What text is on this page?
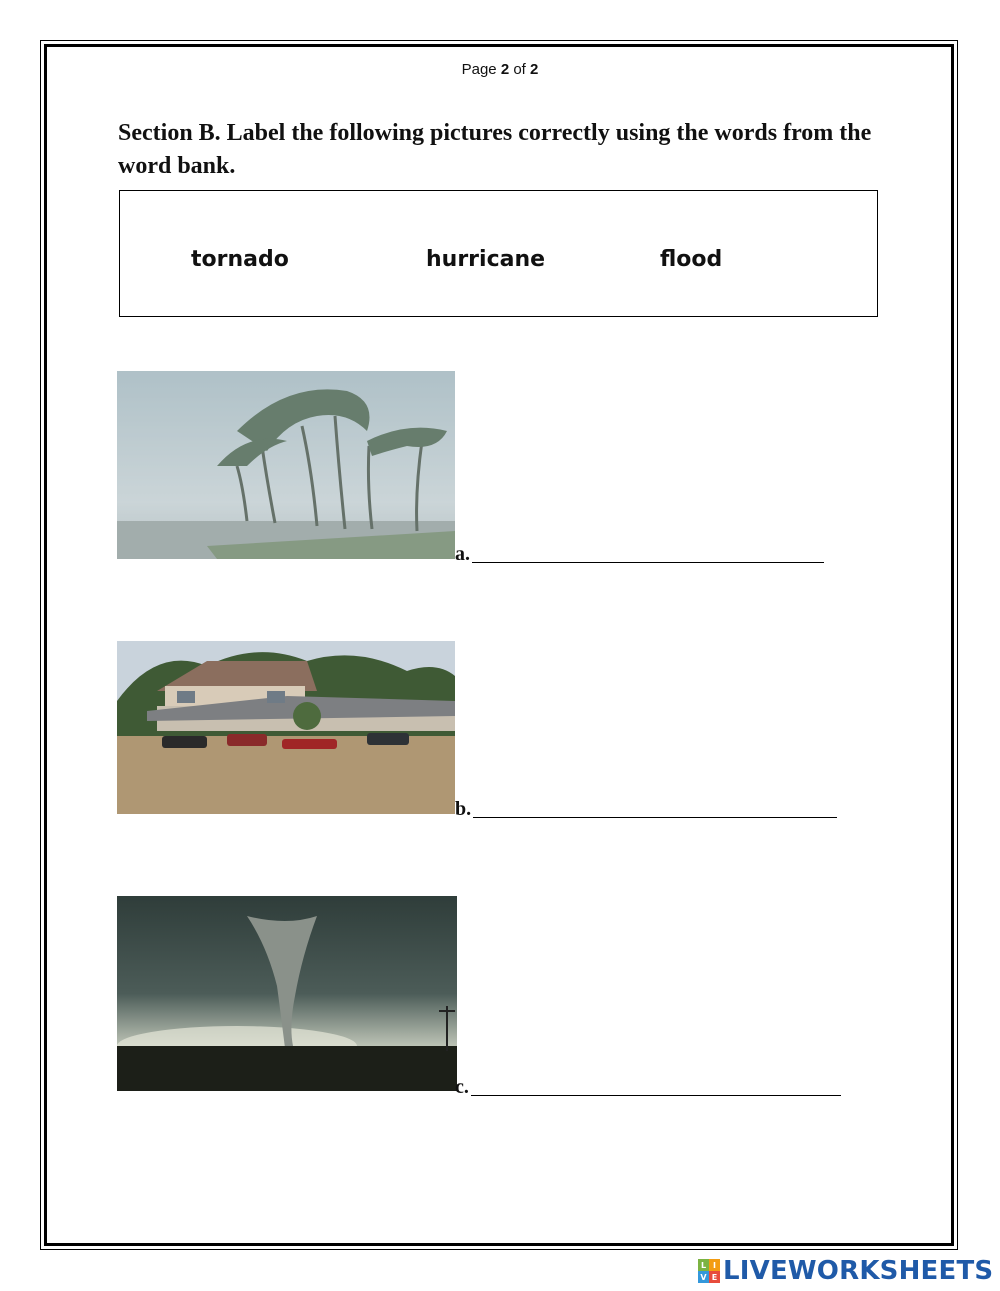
Page 2 of 2

Section B. Label the following pictures correctly using the words from the word bank.

tornado	hurricane	flood
a.
b.
c.
L I
V E LIVEWORKSHEETS
